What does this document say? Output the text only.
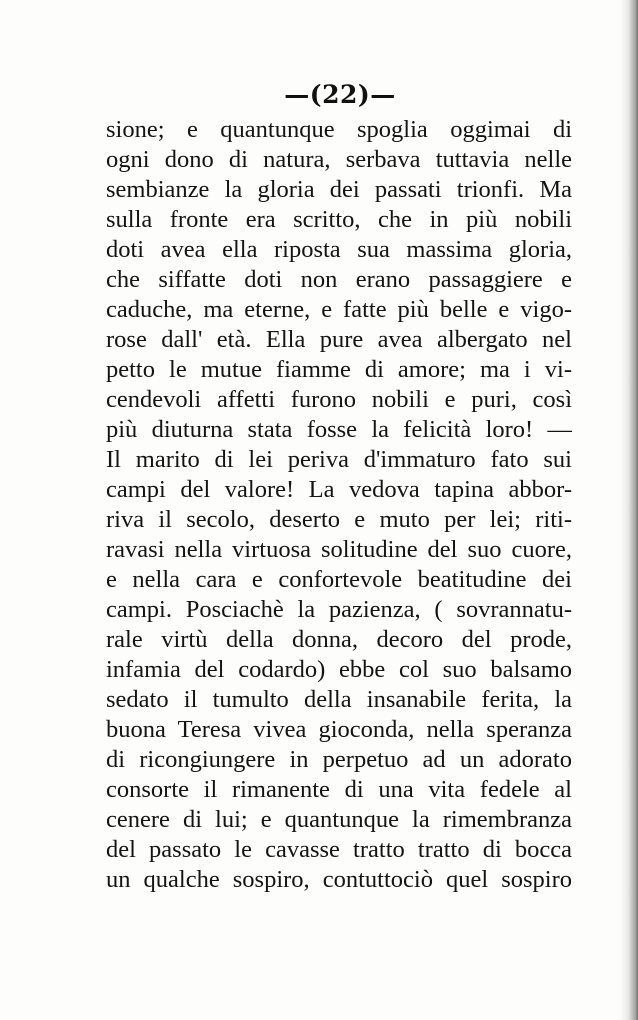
—(22)—
sione; e quantunque spoglia oggimai di
ogni dono di natura, serbava tuttavia nelle
sembianze la gloria dei passati trionfi. Ma
sulla fronte era scritto, che in più nobili
doti avea ella riposta sua massima gloria,
che siffatte doti non erano passaggiere e
caduche, ma eterne, e fatte più belle e vigo-
rose dall' età. Ella pure avea albergato nel
petto le mutue fiamme di amore; ma i vi-
cendevoli affetti furono nobili e puri, così
più diuturna stata fosse la felicità loro! —
Il marito di lei periva d'immaturo fato sui
campi del valore! La vedova tapina abbor-
riva il secolo, deserto e muto per lei; riti-
ravasi nella virtuosa solitudine del suo cuore,
e nella cara e confortevole beatitudine dei
campi. Posciachè la pazienza, ( sovrannatu-
rale virtù della donna, decoro del prode,
infamia del codardo) ebbe col suo balsamo
sedato il tumulto della insanabile ferita, la
buona Teresa vivea gioconda, nella speranza
di ricongiungere in perpetuo ad un adorato
consorte il rimanente di una vita fedele al
cenere di lui; e quantunque la rimembranza
del passato le cavasse tratto tratto di bocca
un qualche sospiro, contuttociò quel sospiro
